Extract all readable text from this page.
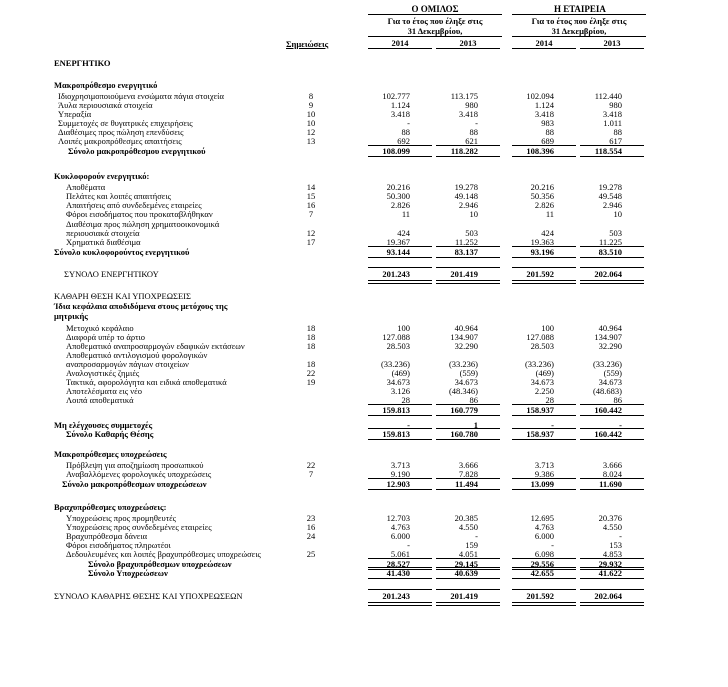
Ο ΟΜΙΛΟΣ	Η ΕΤΑΙΡΕΙΑ
Για το έτος που έληξε στις	Για το έτος που έληξε στις
31 Δεκεμβρίου,	31 Δεκεμβρίου,
Σημειώσεις	2014	2013	2014	2013
ΕΝΕΡΓΗΤΙΚΟ
Μακροπρόθεσμο ενεργητικό
Ιδιοχρησιμοποιούμενα ενσώματα πάγια στοιχεία	8	102.777	113.175	102.094	112.440
Άυλα περιουσιακά στοιχεία	9	1.124	980	1.124	980
Υπεραξία	10	3.418	3.418	3.418	3.418
Συμμετοχές σε θυγατρικές επιχειρήσεις	10	-	-	983	1.011
Διαθέσιμες προς πώληση επενδύσεις	12	88	88	88	88
Λοιπές μακροπρόθεσμες απαιτήσεις	13	692	621	689	617
Σύνολο μακροπρόθεσμου ενεργητικού	108.099	118.282	108.396	118.554
Κυκλοφορούν ενεργητικό:
Αποθέματα	14	20.216	19.278	20.216	19.278
Πελάτες και λοιπές απαιτήσεις	15	50.300	49.148	50.356	49.548
Απαιτήσεις από συνδεδεμένες εταιρείες	16	2.826	2.946	2.826	2.946
Φόροι εισοδήματος που προκαταβλήθηκαν	7	11	10	11	10
Διαθέσιμα προς πώληση χρηματοοικονομικά
περιουσιακά στοιχεία	12	424	503	424	503
Χρηματικά διαθέσιμα	17	19.367	11.252	19.363	11.225
Σύνολο κυκλοφορούντος ενεργητικού	93.144	83.137	93.196	83.510
ΣΥΝΟΛΟ ΕΝΕΡΓΗΤΙΚΟΥ	201.243	201.419	201.592	202.064
ΚΑΘΑΡΗ ΘΕΣΗ ΚΑΙ ΥΠΟΧΡΕΩΣΕΙΣ
Ίδια κεφάλαια αποδιδόμενα στους μετόχους της
μητρικής
Μετοχικό κεφάλαιο	18	100	40.964	100	40.964
Διαφορά υπέρ το άρτιο	18	127.088	134.907	127.088	134.907
Αποθεματικό αναπροσαρμογών εδαφικών εκτάσεων	18	28.503	32.290	28.503	32.290
Αποθεματικό αντιλογισμού φορολογικών
αναπροσαρμογών πάγιων στοιχείων	18	(33.236)	(33.236)	(33.236)	(33.236)
Αναλογιστικές ζημιές	22	(469)	(559)	(469)	(559)
Τακτικά, αφορολόγητα και ειδικά αποθεματικά	19	34.673	34.673	34.673	34.673
Αποτελέσματα εις νέο	3.126	(48.346)	2.250	(48.683)
Λοιπά αποθεματικά	28	86	28	86
159.813	160.779	158.937	160.442
Μη ελέγχουσες συμμετοχές	-	1	-	-
Σύνολο Καθαρής Θέσης	159.813	160.780	158.937	160.442
Μακροπρόθεσμες υποχρεώσεις
Πρόβλεψη για αποζημίωση προσωπικού	22	3.713	3.666	3.713	3.666
Αναβαλλόμενες φορολογικές υποχρεώσεις	7	9.190	7.828	9.386	8.024
Σύνολο μακροπρόθεσμων υποχρεώσεων	12.903	11.494	13.099	11.690
Βραχυπρόθεσμες υποχρεώσεις:
Υποχρεώσεις προς προμηθευτές	23	12.703	20.385	12.695	20.376
Υποχρεώσεις προς συνδεδεμένες εταιρείες	16	4.763	4.550	4.763	4.550
Βραχυπρόθεσμα δάνεια	24	6.000	-	6.000	-
Φόροι εισοδήματος πληρωτέοι	-	159	-	153
Δεδουλευμένες και λοιπές βραχυπρόθεσμες υποχρεώσεις	25	5.061	4.051	6.098	4.853
Σύνολο βραχυπρόθεσμων υποχρεώσεων	28.527	29.145	29.556	29.932
Σύνολο Υποχρεώσεων	41.430	40.639	42.655	41.622
ΣΥΝΟΛΟ ΚΑΘΑΡΗΣ ΘΕΣΗΣ ΚΑΙ ΥΠΟΧΡΕΩΣΕΩΝ	201.243	201.419	201.592	202.064
